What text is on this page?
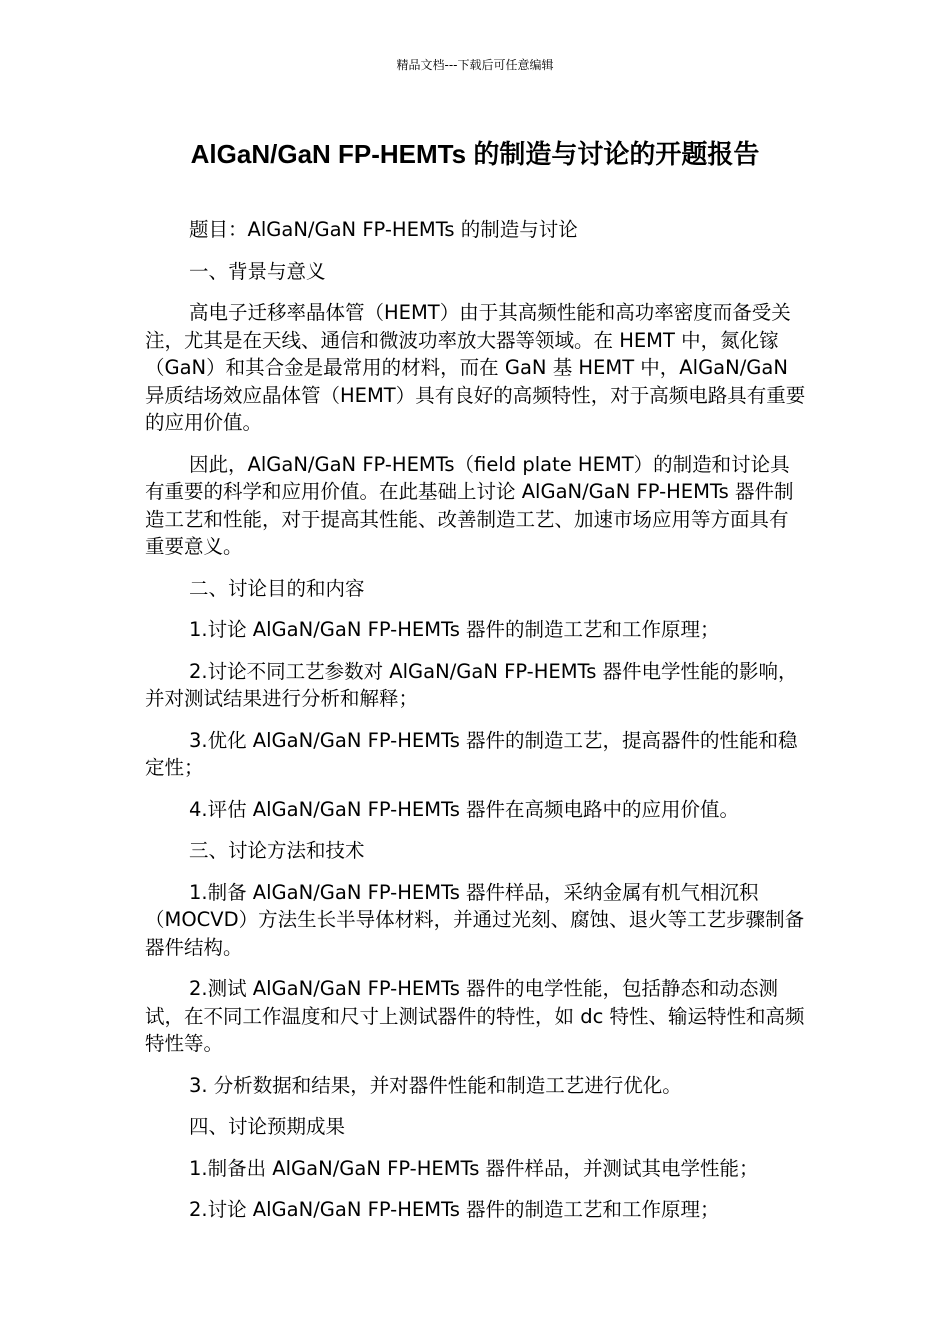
精品文档---下载后可任意编辑
AlGaN/GaN FP-HEMTs 的制造与讨论的开题报告

题目：AlGaN/GaN FP-HEMTs 的制造与讨论

一、背景与意义

高电子迁移率晶体管（HEMT）由于其高频性能和高功率密度而备受关注，尤其是在天线、通信和微波功率放大器等领域。在 HEMT 中，氮化镓（GaN）和其合金是最常用的材料，而在 GaN 基 HEMT 中，AlGaN/GaN 异质结场效应晶体管（HEMT）具有良好的高频特性，对于高频电路具有重要的应用价值。

因此，AlGaN/GaN FP-HEMTs（field plate HEMT）的制造和讨论具有重要的科学和应用价值。在此基础上讨论 AlGaN/GaN FP-HEMTs 器件制造工艺和性能，对于提高其性能、改善制造工艺、加速市场应用等方面具有重要意义。

二、讨论目的和内容

1.讨论 AlGaN/GaN FP-HEMTs 器件的制造工艺和工作原理；

2.讨论不同工艺参数对 AlGaN/GaN FP-HEMTs 器件电学性能的影响，并对测试结果进行分析和解释；

3.优化 AlGaN/GaN FP-HEMTs 器件的制造工艺，提高器件的性能和稳定性；

4.评估 AlGaN/GaN FP-HEMTs 器件在高频电路中的应用价值。

三、讨论方法和技术

1.制备 AlGaN/GaN FP-HEMTs 器件样品，采纳金属有机气相沉积（MOCVD）方法生长半导体材料，并通过光刻、腐蚀、退火等工艺步骤制备器件结构。

2.测试 AlGaN/GaN FP-HEMTs 器件的电学性能，包括静态和动态测试，在不同工作温度和尺寸上测试器件的特性，如 dc 特性、输运特性和高频特性等。

3. 分析数据和结果，并对器件性能和制造工艺进行优化。

四、讨论预期成果

1.制备出 AlGaN/GaN FP-HEMTs 器件样品，并测试其电学性能；

2.讨论 AlGaN/GaN FP-HEMTs 器件的制造工艺和工作原理；
